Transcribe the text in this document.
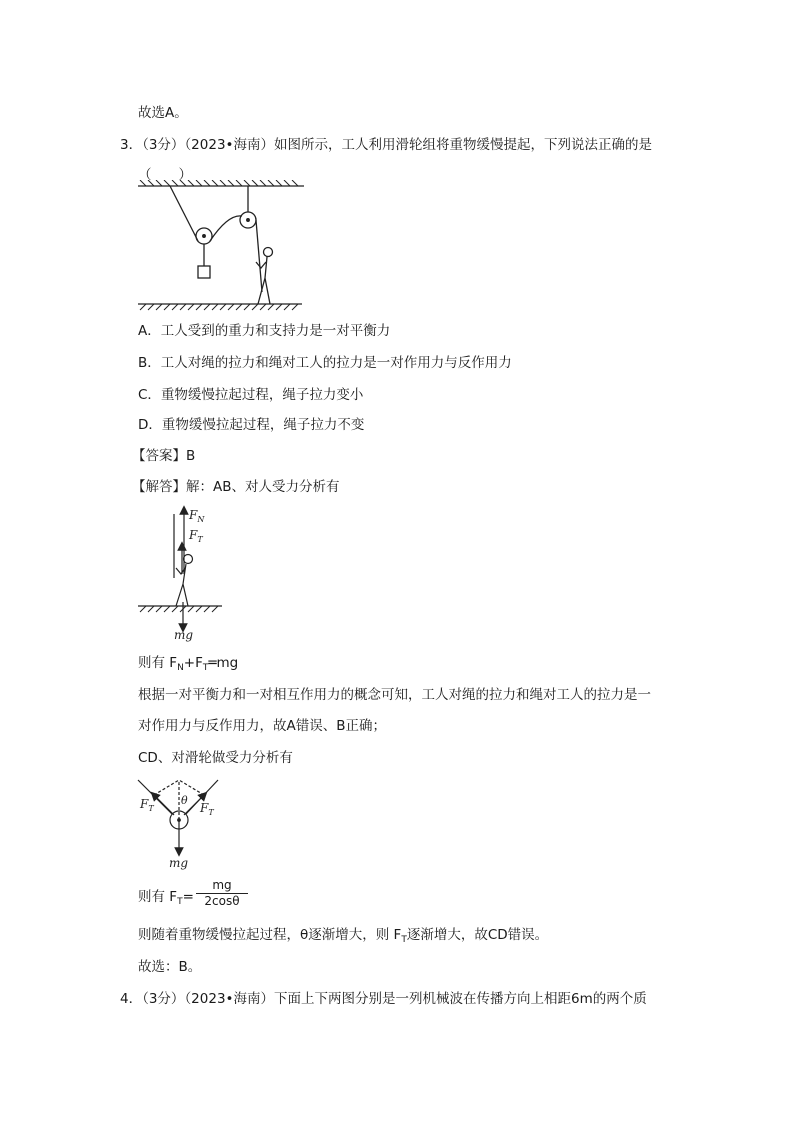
故选A。
3．（3分）（2023•海南）如图所示，工人利用滑轮组将重物缓慢提起，下列说法正确的是
（　　）
A．工人受到的重力和支持力是一对平衡力
B．工人对绳的拉力和绳对工人的拉力是一对作用力与反作用力
C．重物缓慢拉起过程，绳子拉力变小
D．重物缓慢拉起过程，绳子拉力不变
【答案】B
【解答】解：AB、对人受力分析有
$F_N$
$F_T$
mg
则有 $F_N+F_T═mg$
根据一对平衡力和一对相互作用力的概念可知，工人对绳的拉力和绳对工人的拉力是一
对作用力与反作用力，故A错误、B正确；
CD、对滑轮做受力分析有
$F_T$
θ
$F_T$
mg
则有 $F_T= \frac{mg}{2\cos\theta}$
则随着重物缓慢拉起过程，θ逐渐增大，则 $F_T$逐渐增大，故CD错误。
故选：B。
4．（3分）（2023•海南）下面上下两图分别是一列机械波在传播方向上相距6m的两个质
